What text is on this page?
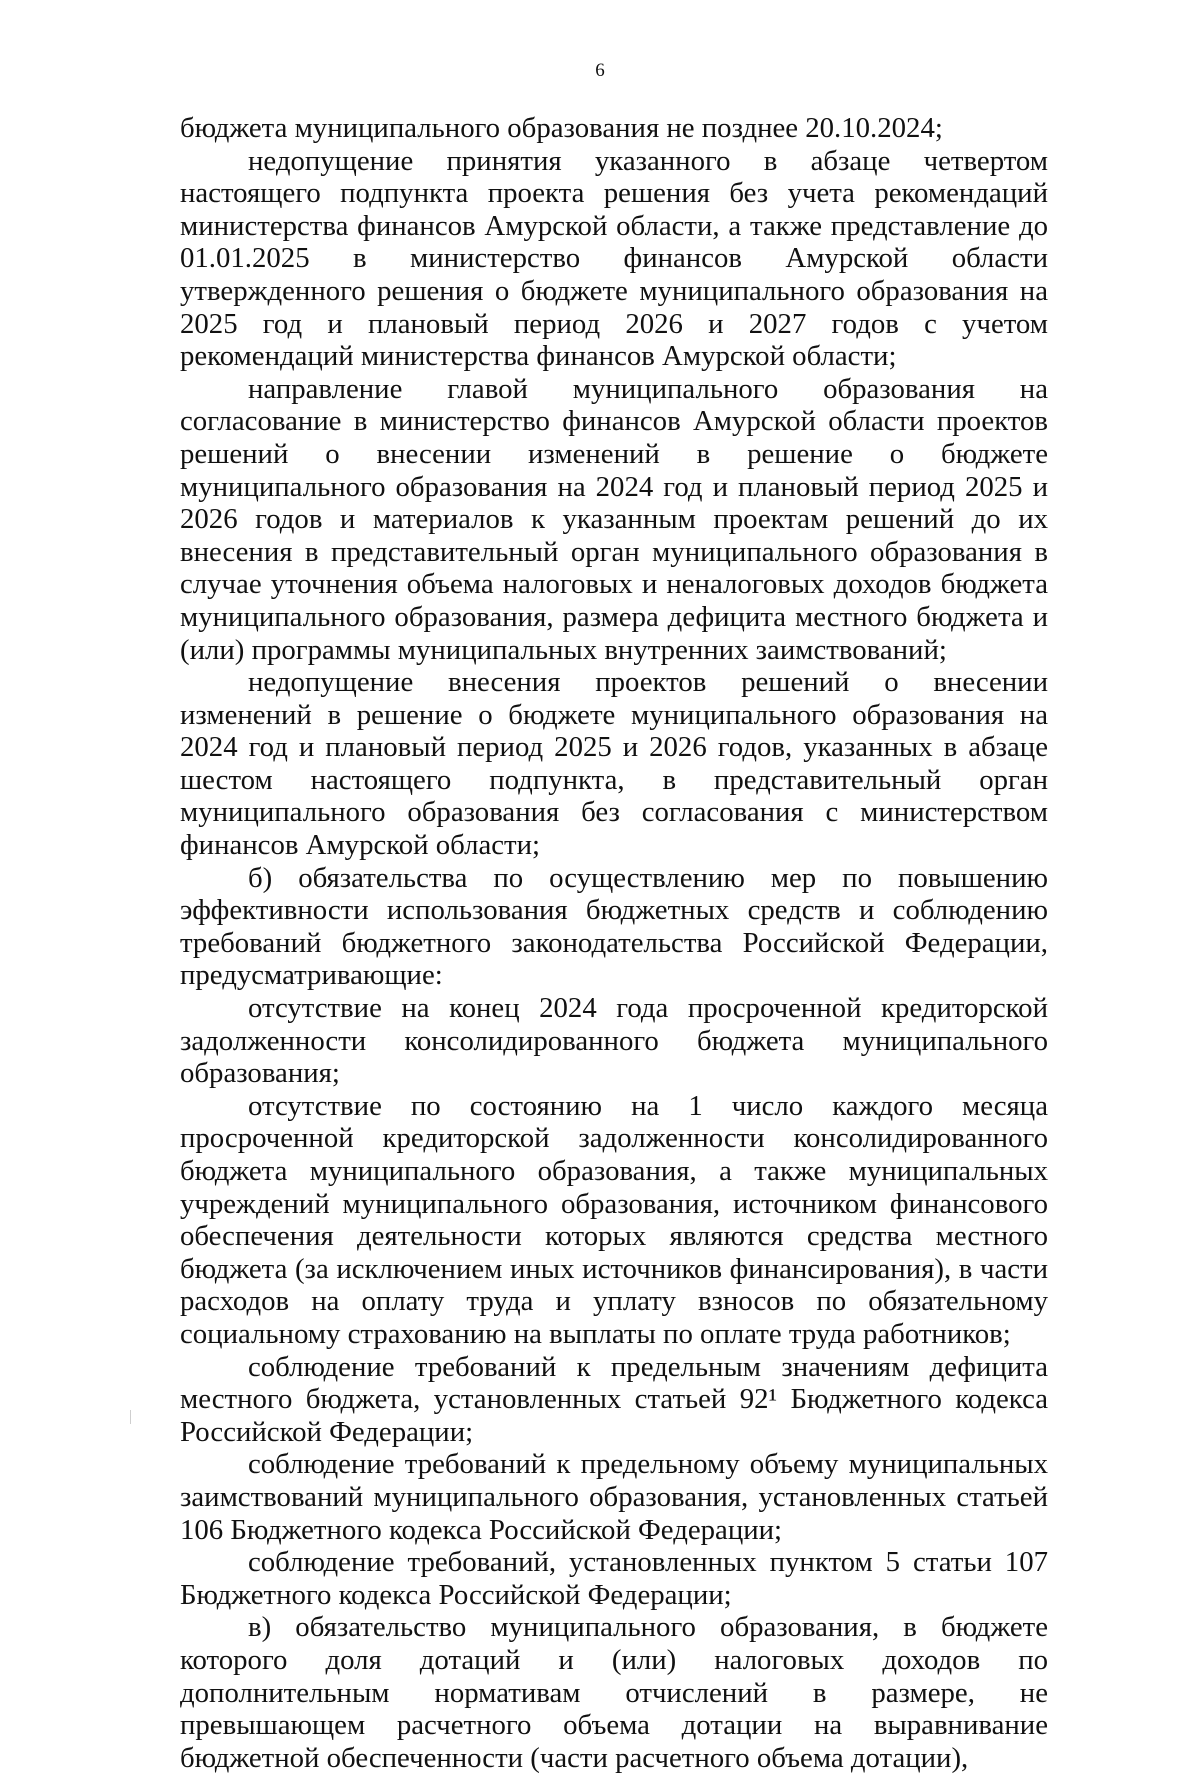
6

бюджета муниципального образования не позднее 20.10.2024;

недопущение принятия указанного в абзаце четвертом настоящего подпункта проекта решения без учета рекомендаций министерства финансов Амурской области, а также представление до 01.01.2025 в министерство финансов Амурской области утвержденного решения о бюджете муниципального образования на 2025 год и плановый период 2026 и 2027 годов с учетом рекомендаций министерства финансов Амурской области;

направление главой муниципального образования на согласование в министерство финансов Амурской области проектов решений о внесении изменений в решение о бюджете муниципального образования на 2024 год и плановый период 2025 и 2026 годов и материалов к указанным проектам решений до их внесения в представительный орган муниципального образования в случае уточнения объема налоговых и неналоговых доходов бюджета муниципального образования, размера дефицита местного бюджета и (или) программы муниципальных внутренних заимствований;

недопущение внесения проектов решений о внесении изменений в решение о бюджете муниципального образования на 2024 год и плановый период 2025 и 2026 годов, указанных в абзаце шестом настоящего подпункта, в представительный орган муниципального образования без согласования с министерством финансов Амурской области;

б) обязательства по осуществлению мер по повышению эффективности использования бюджетных средств и соблюдению требований бюджетного законодательства Российской Федерации, предусматривающие:

отсутствие на конец 2024 года просроченной кредиторской задолженности консолидированного бюджета муниципального образования;

отсутствие по состоянию на 1 число каждого месяца просроченной кредиторской задолженности консолидированного бюджета муниципального образования, а также муниципальных учреждений муниципального образования, источником финансового обеспечения деятельности которых являются средства местного бюджета (за исключением иных источников финансирования), в части расходов на оплату труда и уплату взносов по обязательному социальному страхованию на выплаты по оплате труда работников;

соблюдение требований к предельным значениям дефицита местного бюджета, установленных статьей 92¹ Бюджетного кодекса Российской Федерации;

соблюдение требований к предельному объему муниципальных заимствований муниципального образования, установленных статьей 106 Бюджетного кодекса Российской Федерации;

соблюдение требований, установленных пунктом 5 статьи 107 Бюджетного кодекса Российской Федерации;

в) обязательство муниципального образования, в бюджете которого доля дотаций и (или) налоговых доходов по дополнительным нормативам отчислений в размере, не превышающем расчетного объема дотации на выравнивание бюджетной обеспеченности (части расчетного объема дотации),
